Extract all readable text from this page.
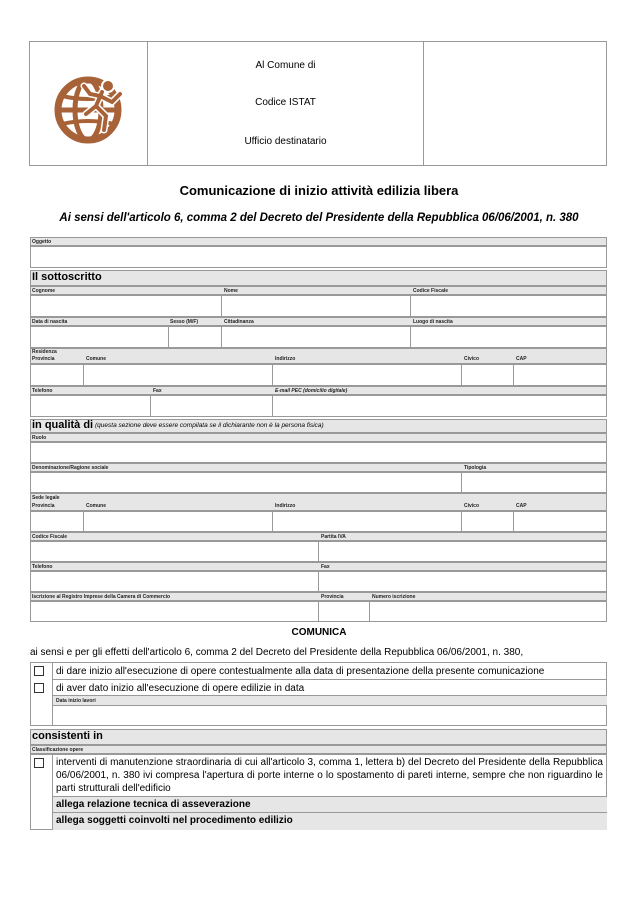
Al Comune di
Codice ISTAT
Ufficio destinatario
Comunicazione di inizio attività edilizia libera
Ai sensi dell'articolo 6, comma 2 del Decreto del Presidente della Repubblica 06/06/2001, n. 380
Oggetto
Il sottoscritto
Cognome	Nome	Codice Fiscale
Data di nascita	Sesso (M/F)	Cittadinanza	Luogo di nascita
Residenza
Provincia	Comune	Indirizzo	Civico	CAP
Telefono	Fax	E-mail PEC (domicilio digitale)
in qualità di (questa sezione deve essere compilata se il dichiarante non è la persona fisica)
Ruolo
Denominazione/Ragione sociale	Tipologia
Sede legale
Provincia	Comune	Indirizzo	Civico	CAP
Codice Fiscale	Partita IVA
Telefono	Fax
Iscrizione al Registro Imprese della Camera di Commercio	Provincia	Numero iscrizione
COMUNICA
ai sensi e per gli effetti dell'articolo 6, comma 2 del Decreto del Presidente della Repubblica 06/06/2001, n. 380,
di dare inizio all'esecuzione di opere contestualmente alla data di presentazione della presente comunicazione
di aver dato inizio all'esecuzione di opere edilizie in data
Data inizio lavori
consistenti in
Classificazione opere
interventi di manutenzione straordinaria di cui all'articolo 3, comma 1, lettera b) del Decreto del Presidente della Repubblica 06/06/2001, n. 380 ivi compresa l'apertura di porte interne o lo spostamento di pareti interne, sempre che non riguardino le parti strutturali dell'edificio
allega relazione tecnica di asseverazione
allega soggetti coinvolti nel procedimento edilizio
